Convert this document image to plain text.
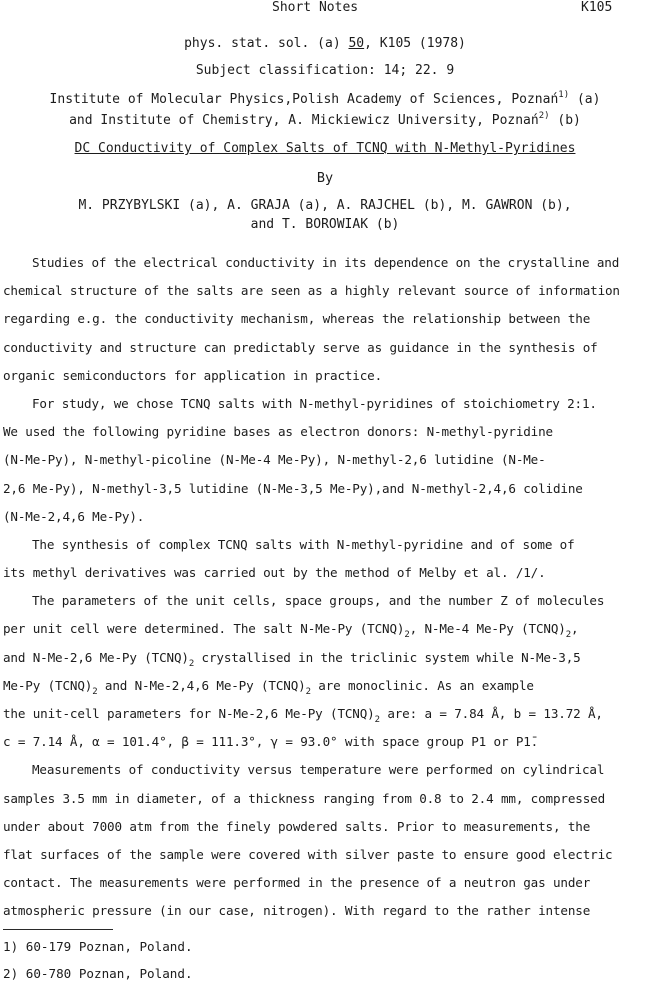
Short Notes	K105
phys. stat. sol. (a) 50, K105 (1978)
Subject classification: 14; 22. 9
Institute of Molecular Physics,Polish Academy of Sciences, Poznań$^{1)}$ (a)
and Institute of Chemistry, A. Mickiewicz University, Poznań$^{2)}$ (b)
DC Conductivity of Complex Salts of TCNQ with N-Methyl-Pyridines
By
M. PRZYBYLSKI (a), A. GRAJA (a), A. RAJCHEL (b), M. GAWRON (b),
and T. BOROWIAK (b)
Studies of the electrical conductivity in its dependence on the crystalline and
chemical structure of the salts are seen as a highly relevant source of information
regarding e.g. the conductivity mechanism, whereas the relationship between the
conductivity and structure can predictably serve as guidance in the synthesis of
organic semiconductors for application in practice.
For study, we chose TCNQ salts with N-methyl-pyridines of stoichiometry 2:1.
We used the following pyridine bases as electron donors: N-methyl-pyridine
(N-Me-Py), N-methyl-picoline (N-Me-4 Me-Py), N-methyl-2,6 lutidine (N-Me-
2,6 Me-Py), N-methyl-3,5 lutidine (N-Me-3,5 Me-Py),and N-methyl-2,4,6 colidine
(N-Me-2,4,6 Me-Py).
The synthesis of complex TCNQ salts with N-methyl-pyridine and of some of
its methyl derivatives was carried out by the method of Melby et al. /1/.
The parameters of the unit cells, space groups, and the number Z of molecules
per unit cell were determined. The salt N-Me-Py $(TCNQ)_2$, N-Me-4 Me-Py $(TCNQ)_2$,
and N-Me-2,6 Me-Py $(TCNQ)_2$ crystallised in the triclinic system while N-Me-3,5
Me-Py $(TCNQ)_2$ and N-Me-2,4,6 Me-Py $(TCNQ)_2$ are monoclinic. As an example
the unit-cell parameters for N-Me-2,6 Me-Py $(TCNQ)_2$ are: a = 7.84 Å, b = 13.72 Å,
c = 7.14 Å, α = 101.4°, β = 111.3°, γ = 93.0° with space group P1 or P1̄.
Measurements of conductivity versus temperature were performed on cylindrical
samples 3.5 mm in diameter, of a thickness ranging from 0.8 to 2.4 mm, compressed
under about 7000 atm from the finely powdered salts. Prior to measurements, the
flat surfaces of the sample were covered with silver paste to ensure good electric
contact. The measurements were performed in the presence of a neutron gas under
atmospheric pressure (in our case, nitrogen). With regard to the rather intense
1) 60-179 Poznan, Poland.
2) 60-780 Poznan, Poland.
